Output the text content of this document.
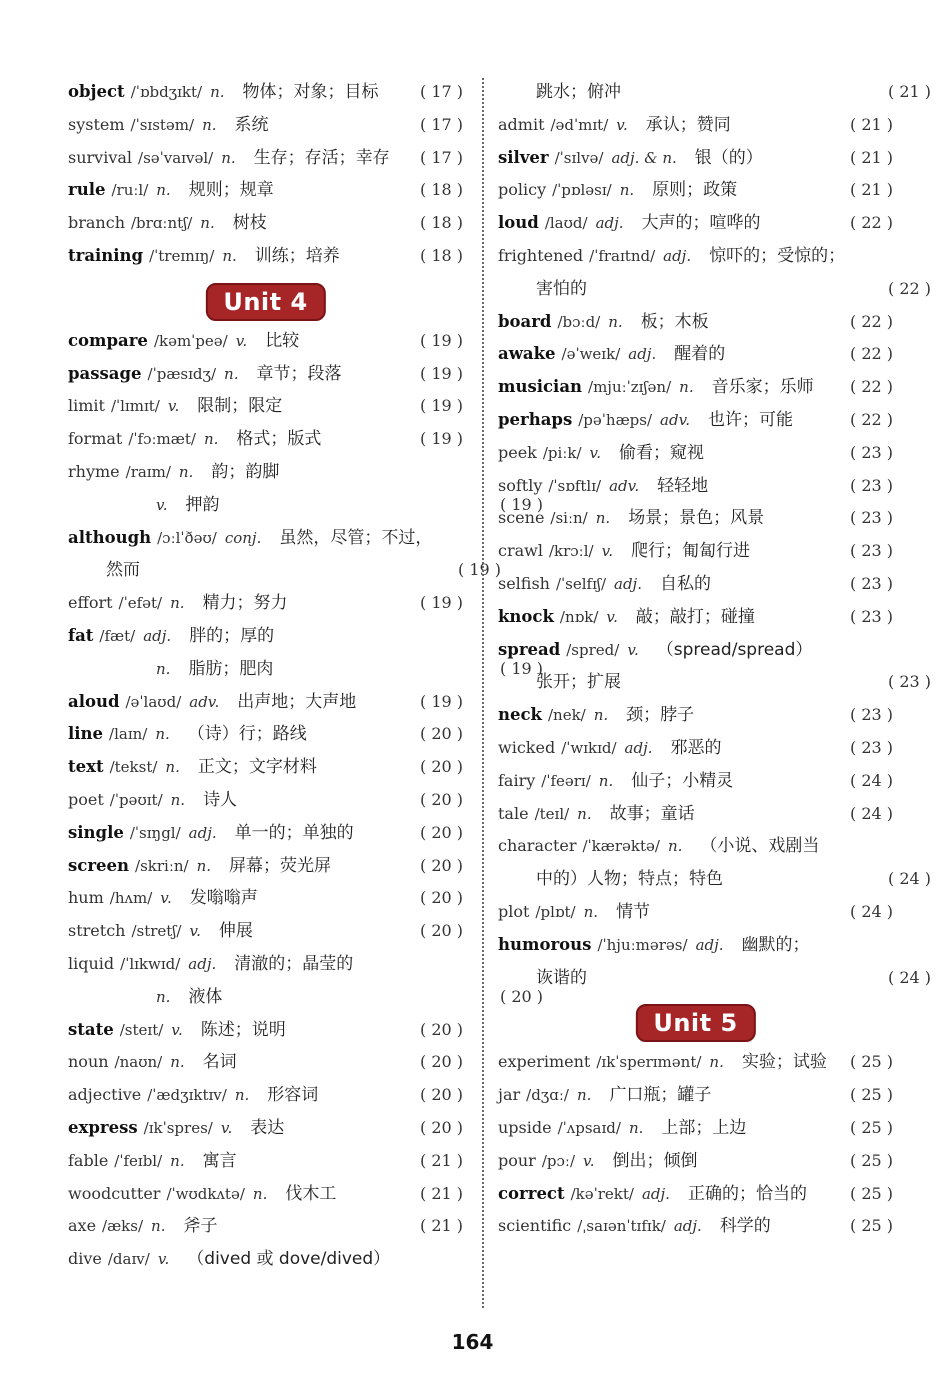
object /ˈɒbdʒɪkt/ n. 物体；对象；目标	( 17 )
system /ˈsɪstəm/ n. 系统	( 17 )
survival /səˈvaɪvəl/ n. 生存；存活；幸存 ( 17 )
rule /ruːl/ n. 规则；规章	( 18 )
branch /brɑːntʃ/ n. 树枝	( 18 )
training /ˈtreɪnɪŋ/ n. 训练；培养	( 18 )
Unit 4
compare /kəmˈpeə/ v. 比较	( 19 )
passage /ˈpæsɪdʒ/ n. 章节；段落	( 19 )
limit /ˈlɪmɪt/ v. 限制；限定	( 19 )
format /ˈfɔːmæt/ n. 格式；版式	( 19 )
rhyme /raɪm/ n. 韵；韵脚
v. 押韵	( 19 )
although /ɔːlˈðəʊ/ conj. 虽然，尽管；不过，
然而	( 19 )
effort /ˈefət/ n. 精力；努力	( 19 )
fat /fæt/ adj. 胖的；厚的
n. 脂肪；肥肉	( 19 )
aloud /əˈlaʊd/ adv. 出声地；大声地	( 19 )
line /laɪn/ n. （诗）行；路线	( 20 )
text /tekst/ n. 正文；文字材料	( 20 )
poet /ˈpəʊɪt/ n. 诗人	( 20 )
single /ˈsɪŋgl/ adj. 单一的；单独的	( 20 )
screen /skriːn/ n. 屏幕；荧光屏	( 20 )
hum /hʌm/ v. 发嗡嗡声	( 20 )
stretch /stretʃ/ v. 伸展	( 20 )
liquid /ˈlɪkwɪd/ adj. 清澈的；晶莹的
n. 液体	( 20 )
state /steɪt/ v. 陈述；说明	( 20 )
noun /naʊn/ n. 名词	( 20 )
adjective /ˈædʒɪktɪv/ n. 形容词	( 20 )
express /ɪkˈspres/ v. 表达	( 20 )
fable /ˈfeɪbl/ n. 寓言	( 21 )
woodcutter /ˈwʊdkʌtə/ n. 伐木工	( 21 )
axe /æks/ n. 斧子	( 21 )
dive /daɪv/ v. （dived 或 dove/dived）
跳水；俯冲	( 21 )
admit /ədˈmɪt/ v. 承认；赞同	( 21 )
silver /ˈsɪlvə/ adj. & n. 银（的）	( 21 )
policy /ˈpɒləsɪ/ n. 原则；政策	( 21 )
loud /laʊd/ adj. 大声的；喧哗的	( 22 )
frightened /ˈfraɪtnd/ adj. 惊吓的；受惊的；
害怕的	( 22 )
board /bɔːd/ n. 板；木板	( 22 )
awake /əˈweɪk/ adj. 醒着的	( 22 )
musician /mjuːˈzɪʃən/ n. 音乐家；乐师 ( 22 )
perhaps /pəˈhæps/ adv. 也许；可能	( 22 )
peek /piːk/ v. 偷看；窥视	( 23 )
softly /ˈsɒftlɪ/ adv. 轻轻地	( 23 )
scene /siːn/ n. 场景；景色；风景	( 23 )
crawl /krɔːl/ v. 爬行；匍匐行进	( 23 )
selfish /ˈselfɪʃ/ adj. 自私的	( 23 )
knock /nɒk/ v. 敲；敲打；碰撞	( 23 )
spread /spred/ v. （spread/spread）
张开；扩展	( 23 )
neck /nek/ n. 颈；脖子	( 23 )
wicked /ˈwɪkɪd/ adj. 邪恶的	( 23 )
fairy /ˈfeərɪ/ n. 仙子；小精灵	( 24 )
tale /teɪl/ n. 故事；童话	( 24 )
character /ˈkærəktə/ n. （小说、戏剧当
中的）人物；特点；特色	( 24 )
plot /plɒt/ n. 情节	( 24 )
humorous /ˈhjuːmərəs/ adj. 幽默的；
诙谐的	( 24 )
Unit 5
experiment /ɪkˈsperɪmənt/ n. 实验；试验 ( 25 )
jar /dʒɑː/ n. 广口瓶；罐子	( 25 )
upside /ˈʌpsaɪd/ n. 上部；上边	( 25 )
pour /pɔː/ v. 倒出；倾倒	( 25 )
correct /kəˈrekt/ adj. 正确的；恰当的	( 25 )
scientific /ˌsaɪənˈtɪfɪk/ adj. 科学的	( 25 )
164
